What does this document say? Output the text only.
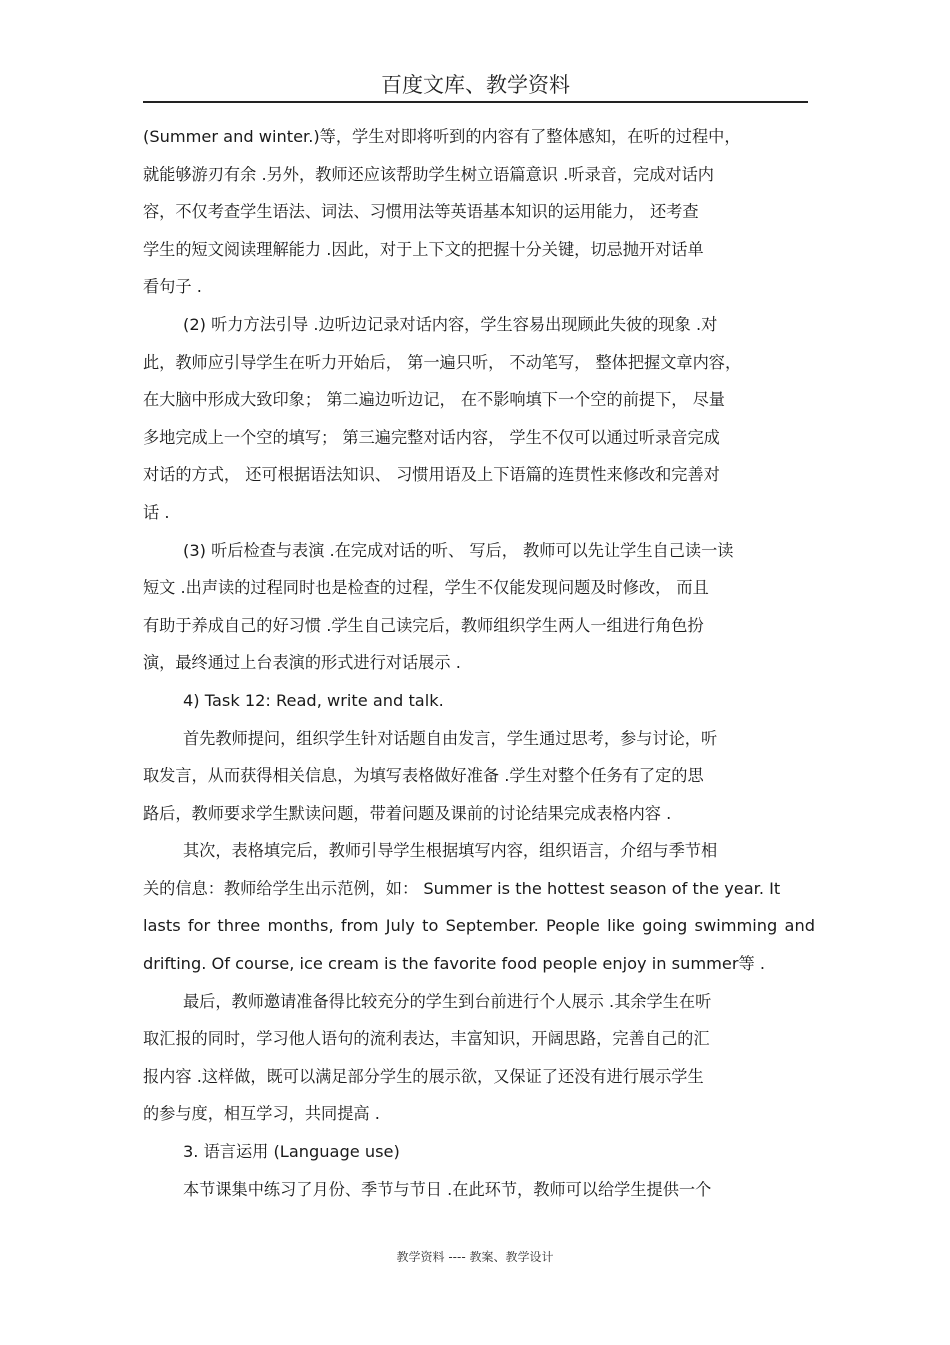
百度文库、教学资料
(Summer and winter.)等，学生对即将听到的内容有了整体感知，在听的过程中，
就能够游刃有余 .另外，教师还应该帮助学生树立语篇意识 .听录音，完成对话内
容，不仅考查学生语法、词法、习惯用法等英语基本知识的运用能力， 还考查
学生的短文阅读理解能力 .因此，对于上下文的把握十分关键，切忌抛开对话单
看句子 .
(2) 听力方法引导 .边听边记录对话内容，学生容易出现顾此失彼的现象 .对
此，教师应引导学生在听力开始后， 第一遍只听， 不动笔写， 整体把握文章内容，
在大脑中形成大致印象； 第二遍边听边记， 在不影响填下一个空的前提下， 尽量
多地完成上一个空的填写； 第三遍完整对话内容， 学生不仅可以通过听录音完成
对话的方式， 还可根据语法知识、 习惯用语及上下语篇的连贯性来修改和完善对
话 .
(3) 听后检查与表演 .在完成对话的听、 写后， 教师可以先让学生自己读一读
短文 .出声读的过程同时也是检查的过程，学生不仅能发现问题及时修改， 而且
有助于养成自己的好习惯 .学生自己读完后，教师组织学生两人一组进行角色扮
演，最终通过上台表演的形式进行对话展示 .
4) Task 12: Read, write and talk.
首先教师提问，组织学生针对话题自由发言，学生通过思考，参与讨论，听
取发言，从而获得相关信息，为填写表格做好准备 .学生对整个任务有了定的思
路后，教师要求学生默读问题，带着问题及课前的讨论结果完成表格内容 .
其次，表格填完后，教师引导学生根据填写内容，组织语言，介绍与季节相
关的信息：教师给学生出示范例，如： Summer is the hottest season of the year. It
lasts for three months, from July to September. People like going swimming and
drifting. Of course, ice cream is the favorite food people enjoy in summer等 .
最后，教师邀请准备得比较充分的学生到台前进行个人展示 .其余学生在听
取汇报的同时，学习他人语句的流利表达，丰富知识，开阔思路，完善自己的汇
报内容 .这样做，既可以满足部分学生的展示欲，又保证了还没有进行展示学生
的参与度，相互学习，共同提高 .
3. 语言运用 (Language use)
本节课集中练习了月份、季节与节日 .在此环节，教师可以给学生提供一个
教学资料 ---- 教案、教学设计
